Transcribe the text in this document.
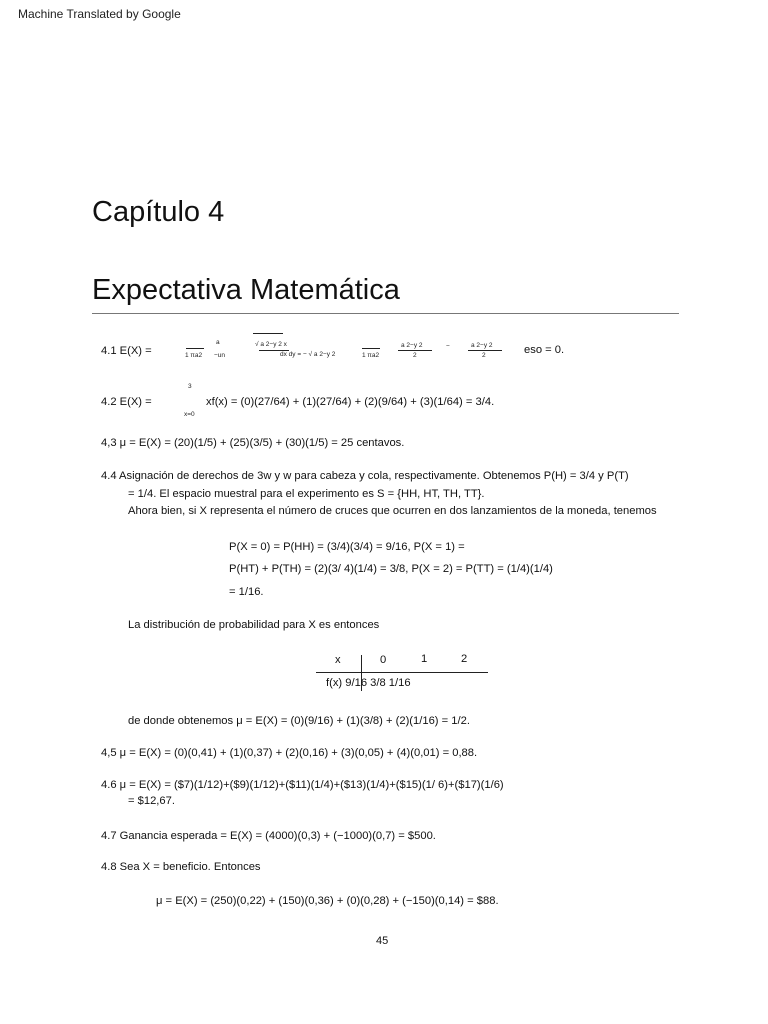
Machine Translated by Google
Capítulo 4
Expectativa Matemática
4.1 E(X) =	1 πa2
a
−un
√ a 2−y 2 x
dx dy = − √ a 2−y 2	1 πa2
a 2−y 2
2
−	a 2−y 2
2	eso = 0.
3
4.2 E(X) =	xf(x) = (0)(27/64) + (1)(27/64) + (2)(9/64) + (3)(1/64) = 3/4.
x=0
4,3 μ = E(X) = (20)(1/5) + (25)(3/5) + (30)(1/5) = 25 centavos.
4.4 Asignación de derechos de 3w y w para cabeza y cola, respectivamente. Obtenemos P(H) = 3/4 y P(T)
= 1/4. El espacio muestral para el experimento es S = {HH, HT, TH, TT}.
Ahora bien, si X representa el número de cruces que ocurren en dos lanzamientos de la moneda, tenemos
P(X = 0) = P(HH) = (3/4)(3/4) = 9/16, P(X = 1) =
P(HT) + P(TH) = (2)(3/ 4)(1/4) = 3/8, P(X = 2) = P(TT) = (1/4)(1/4)
= 1/16.
La distribución de probabilidad para X es entonces
x	0	1	2
f(x) 9/16 3/8 1/16
de donde obtenemos μ = E(X) = (0)(9/16) + (1)(3/8) + (2)(1/16) = 1/2.
4,5 μ = E(X) = (0)(0,41) + (1)(0,37) + (2)(0,16) + (3)(0,05) + (4)(0,01) = 0,88.
4.6 μ = E(X) = ($7)(1/12)+($9)(1/12)+($11)(1/4)+($13)(1/4)+($15)(1/ 6)+($17)(1/6)
= $12,67.
4.7 Ganancia esperada = E(X) = (4000)(0,3) + (−1000)(0,7) = $500.
4.8 Sea X = beneficio. Entonces
μ = E(X) = (250)(0,22) + (150)(0,36) + (0)(0,28) + (−150)(0,14) = $88.
45
